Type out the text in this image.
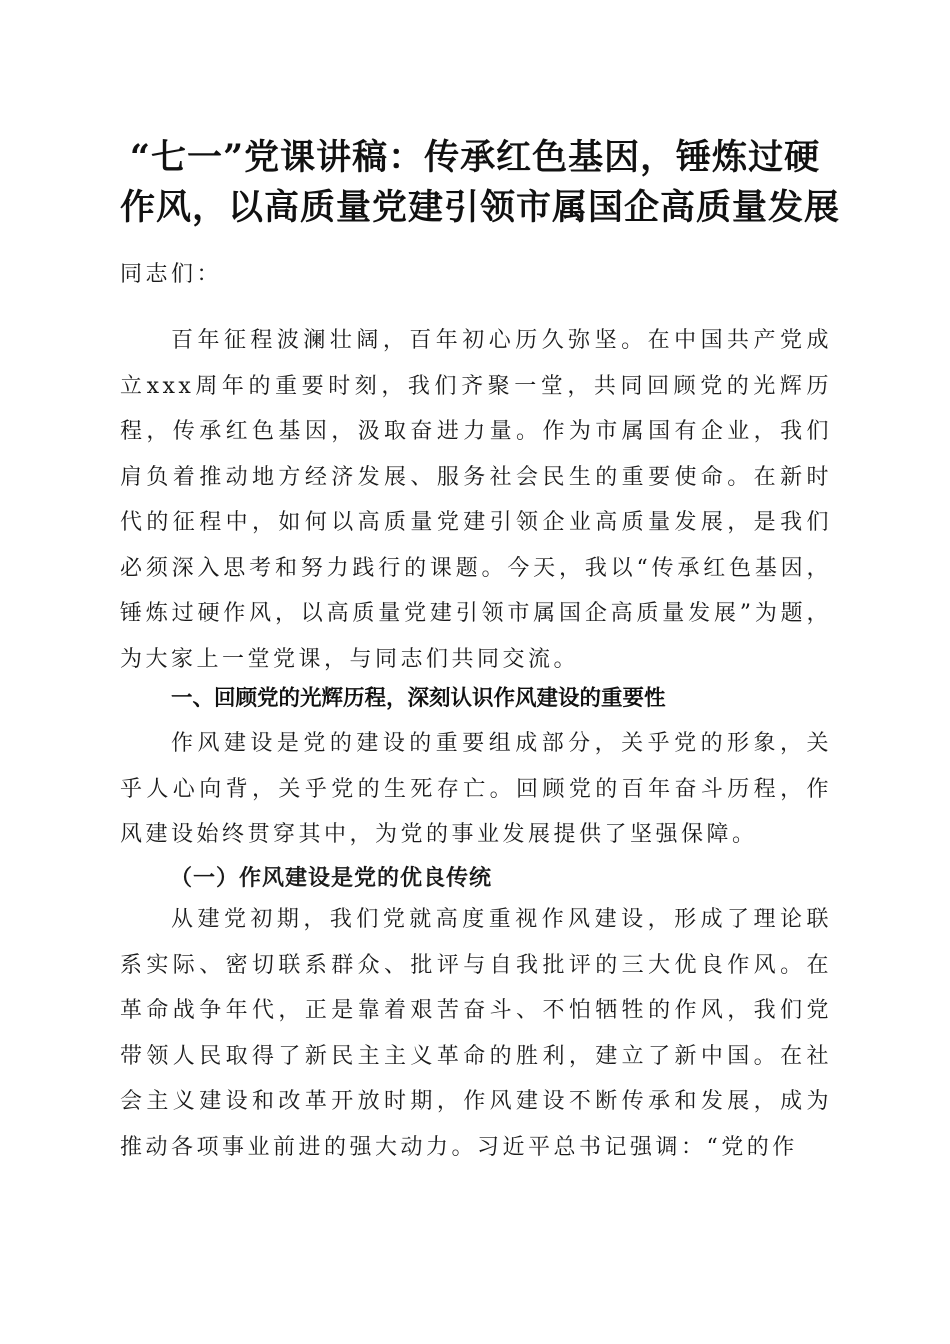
“七一”党课讲稿：传承红色基因，锤炼过硬
作风，以高质量党建引领市属国企高质量发展

同志们：

百年征程波澜壮阔，百年初心历久弥坚。在中国共产党成立xxx周年的重要时刻，我们齐聚一堂，共同回顾党的光辉历程，传承红色基因，汲取奋进力量。作为市属国有企业，我们肩负着推动地方经济发展、服务社会民生的重要使命。在新时代的征程中，如何以高质量党建引领企业高质量发展，是我们必须深入思考和努力践行的课题。今天，我以“传承红色基因，锤炼过硬作风，以高质量党建引领市属国企高质量发展”为题，为大家上一堂党课，与同志们共同交流。

一、回顾党的光辉历程，深刻认识作风建设的重要性

作风建设是党的建设的重要组成部分，关乎党的形象，关乎人心向背，关乎党的生死存亡。回顾党的百年奋斗历程，作风建设始终贯穿其中，为党的事业发展提供了坚强保障。

（一）作风建设是党的优良传统

从建党初期，我们党就高度重视作风建设，形成了理论联系实际、密切联系群众、批评与自我批评的三大优良作风。在革命战争年代，正是靠着艰苦奋斗、不怕牺牲的作风，我们党带领人民取得了新民主主义革命的胜利，建立了新中国。在社会主义建设和改革开放时期，作风建设不断传承和发展，成为推动各项事业前进的强大动力。习近平总书记强调：“党的作
